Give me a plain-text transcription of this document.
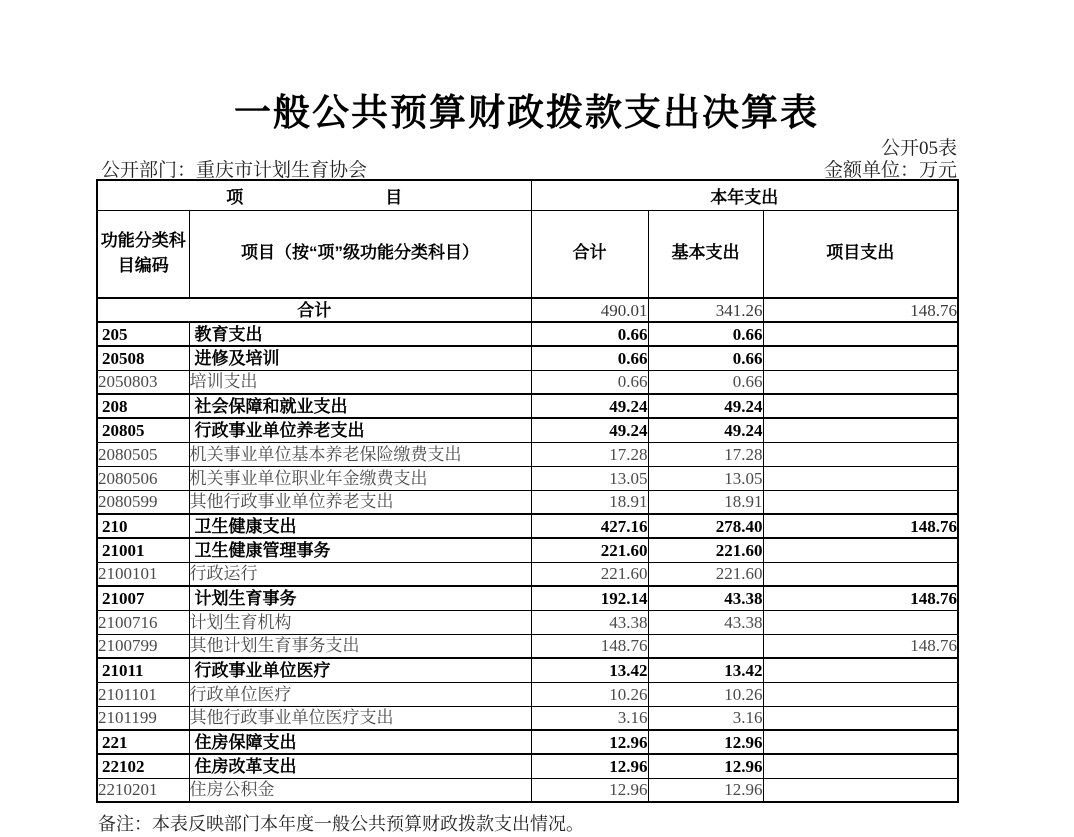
一般公共预算财政拨款支出决算表
公开05表
公开部门：重庆市计划生育协会	金额单位：万元
项 目		本年支出		
功能分类科目编码	项目（按“项”级功能分类科目）	合计	基本支出	项目支出
合计		490.01	341.26	148.76
205	教育支出	0.66	0.66	
20508	进修及培训	0.66	0.66	
2050803	培训支出	0.66	0.66	
208	社会保障和就业支出	49.24	49.24	
20805	行政事业单位养老支出	49.24	49.24	
2080505	机关事业单位基本养老保险缴费支出	17.28	17.28	
2080506	机关事业单位职业年金缴费支出	13.05	13.05	
2080599	其他行政事业单位养老支出	18.91	18.91	
210	卫生健康支出	427.16	278.40	148.76
21001	卫生健康管理事务	221.60	221.60	
2100101	行政运行	221.60	221.60	
21007	计划生育事务	192.14	43.38	148.76
2100716	计划生育机构	43.38	43.38	
2100799	其他计划生育事务支出	148.76		148.76
21011	行政事业单位医疗	13.42	13.42	
2101101	行政单位医疗	10.26	10.26	
2101199	其他行政事业单位医疗支出	3.16	3.16	
221	住房保障支出	12.96	12.96	
22102	住房改革支出	12.96	12.96	
2210201	住房公积金	12.96	12.96	
备注：本表反映部门本年度一般公共预算财政拨款支出情况。
